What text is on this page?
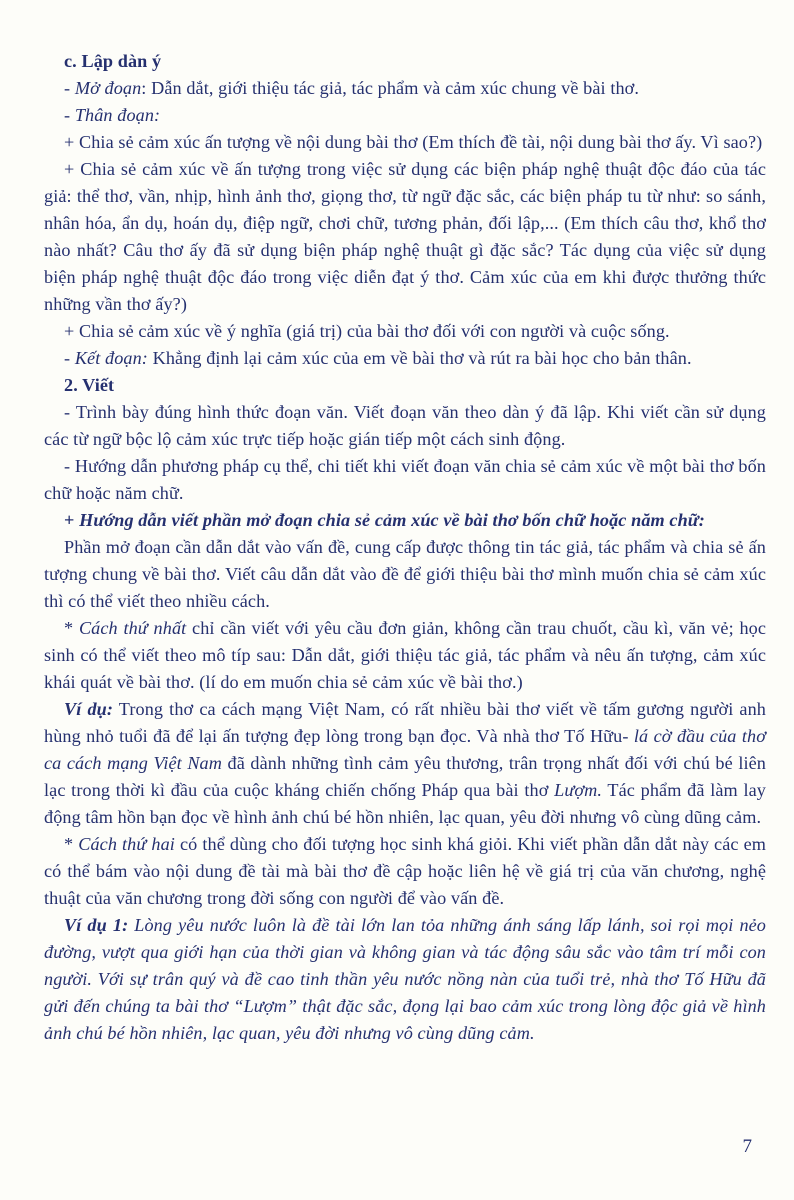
c. Lập dàn ý

- Mở đoạn: Dẫn dắt, giới thiệu tác giả, tác phẩm và cảm xúc chung về bài thơ.

- Thân đoạn:

+ Chia sẻ cảm xúc ấn tượng về nội dung bài thơ (Em thích đề tài, nội dung bài thơ ấy. Vì sao?)

+ Chia sẻ cảm xúc về ấn tượng trong việc sử dụng các biện pháp nghệ thuật độc đáo của tác giả: thể thơ, vần, nhịp, hình ảnh thơ, giọng thơ, từ ngữ đặc sắc, các biện pháp tu từ như: so sánh, nhân hóa, ẩn dụ, hoán dụ, điệp ngữ, chơi chữ, tương phản, đối lập,... (Em thích câu thơ, khổ thơ nào nhất? Câu thơ ấy đã sử dụng biện pháp nghệ thuật gì đặc sắc? Tác dụng của việc sử dụng biện pháp nghệ thuật độc đáo trong việc diễn đạt ý thơ. Cảm xúc của em khi được thưởng thức những vần thơ ấy?)

+ Chia sẻ cảm xúc về ý nghĩa (giá trị) của bài thơ đối với con người và cuộc sống.

- Kết đoạn: Khẳng định lại cảm xúc của em về bài thơ và rút ra bài học cho bản thân.

2. Viết

- Trình bày đúng hình thức đoạn văn. Viết đoạn văn theo dàn ý đã lập. Khi viết cần sử dụng các từ ngữ bộc lộ cảm xúc trực tiếp hoặc gián tiếp một cách sinh động.

- Hướng dẫn phương pháp cụ thể, chi tiết khi viết đoạn văn chia sẻ cảm xúc về một bài thơ bốn chữ hoặc năm chữ.

+ Hướng dẫn viết phần mở đoạn chia sẻ cảm xúc về bài thơ bốn chữ hoặc năm chữ:

Phần mở đoạn cần dẫn dắt vào vấn đề, cung cấp được thông tin tác giả, tác phẩm và chia sẻ ấn tượng chung về bài thơ. Viết câu dẫn dắt vào đề để giới thiệu bài thơ mình muốn chia sẻ cảm xúc thì có thể viết theo nhiều cách.

* Cách thứ nhất chỉ cần viết với yêu cầu đơn giản, không cần trau chuốt, cầu kì, văn vẻ; học sinh có thể viết theo mô típ sau: Dẫn dắt, giới thiệu tác giả, tác phẩm và nêu ấn tượng, cảm xúc khái quát về bài thơ. (lí do em muốn chia sẻ cảm xúc về bài thơ.)

Ví dụ: Trong thơ ca cách mạng Việt Nam, có rất nhiều bài thơ viết về tấm gương người anh hùng nhỏ tuổi đã để lại ấn tượng đẹp lòng trong bạn đọc. Và nhà thơ Tố Hữu- lá cờ đầu của thơ ca cách mạng Việt Nam đã dành những tình cảm yêu thương, trân trọng nhất đối với chú bé liên lạc trong thời kì đầu của cuộc kháng chiến chống Pháp qua bài thơ Lượm. Tác phẩm đã làm lay động tâm hồn bạn đọc về hình ảnh chú bé hồn nhiên, lạc quan, yêu đời nhưng vô cùng dũng cảm.

* Cách thứ hai có thể dùng cho đối tượng học sinh khá giỏi. Khi viết phần dẫn dắt này các em có thể bám vào nội dung đề tài mà bài thơ đề cập hoặc liên hệ về giá trị của văn chương, nghệ thuật của văn chương trong đời sống con người để vào vấn đề.

Ví dụ 1: Lòng yêu nước luôn là đề tài lớn lan tỏa những ánh sáng lấp lánh, soi rọi mọi nẻo đường, vượt qua giới hạn của thời gian và không gian và tác động sâu sắc vào tâm trí mỗi con người. Với sự trân quý và đề cao tinh thần yêu nước nồng nàn của tuổi trẻ, nhà thơ Tố Hữu đã gửi đến chúng ta bài thơ “Lượm” thật đặc sắc, đọng lại bao cảm xúc trong lòng độc giả về hình ảnh chú bé hồn nhiên, lạc quan, yêu đời nhưng vô cùng dũng cảm.

7
